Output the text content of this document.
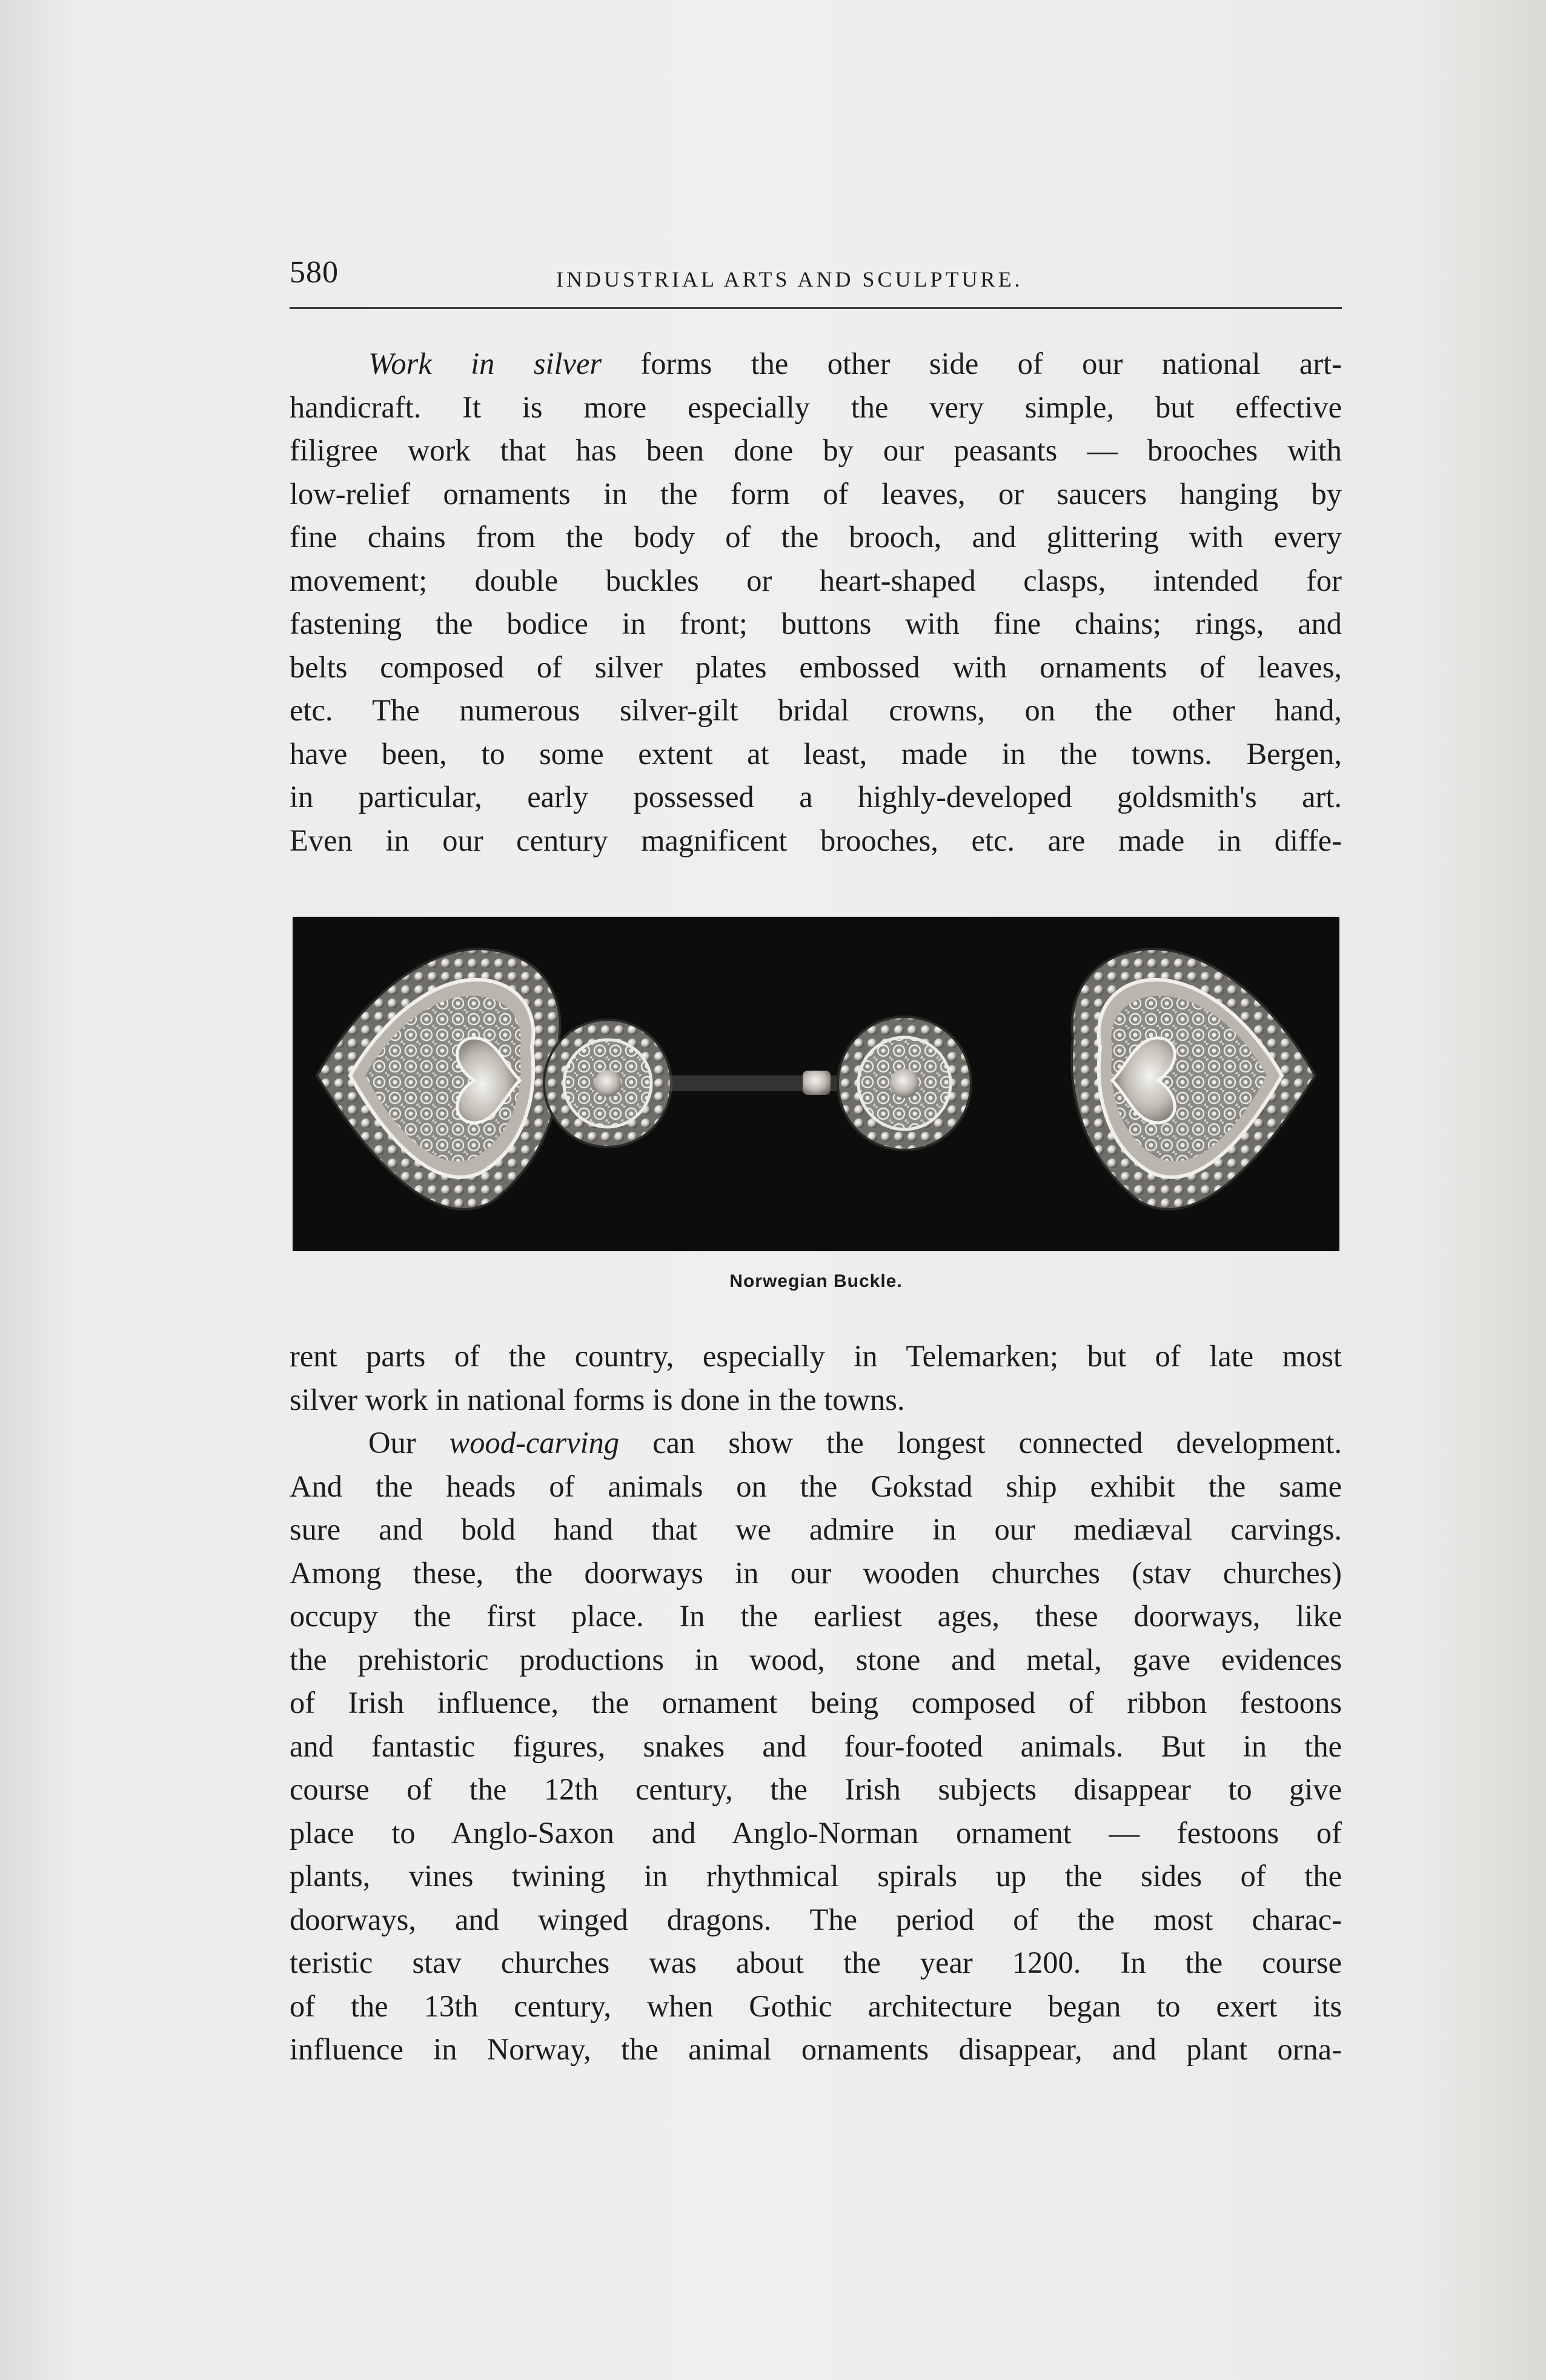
580	INDUSTRIAL ARTS AND SCULPTURE.
Work in silver forms the other side of our national art-
handicraft. It is more especially the very simple, but effective
filigree work that has been done by our peasants — brooches with
low-relief ornaments in the form of leaves, or saucers hanging by
fine chains from the body of the brooch, and glittering with every
movement; double buckles or heart-shaped clasps, intended for
fastening the bodice in front; buttons with fine chains; rings, and
belts composed of silver plates embossed with ornaments of leaves,
etc. The numerous silver-gilt bridal crowns, on the other hand,
have been, to some extent at least, made in the towns. Bergen,
in particular, early possessed a highly-developed goldsmith's art.
Even in our century magnificent brooches, etc. are made in diffe-
Norwegian Buckle.
rent parts of the country, especially in Telemarken; but of late most
silver work in national forms is done in the towns.
Our wood-carving can show the longest connected development.
And the heads of animals on the Gokstad ship exhibit the same
sure and bold hand that we admire in our mediæval carvings.
Among these, the doorways in our wooden churches (stav churches)
occupy the first place. In the earliest ages, these doorways, like
the prehistoric productions in wood, stone and metal, gave evidences
of Irish influence, the ornament being composed of ribbon festoons
and fantastic figures, snakes and four-footed animals. But in the
course of the 12th century, the Irish subjects disappear to give
place to Anglo-Saxon and Anglo-Norman ornament — festoons of
plants, vines twining in rhythmical spirals up the sides of the
doorways, and winged dragons. The period of the most charac-
teristic stav churches was about the year 1200. In the course
of the 13th century, when Gothic architecture began to exert its
influence in Norway, the animal ornaments disappear, and plant orna-
